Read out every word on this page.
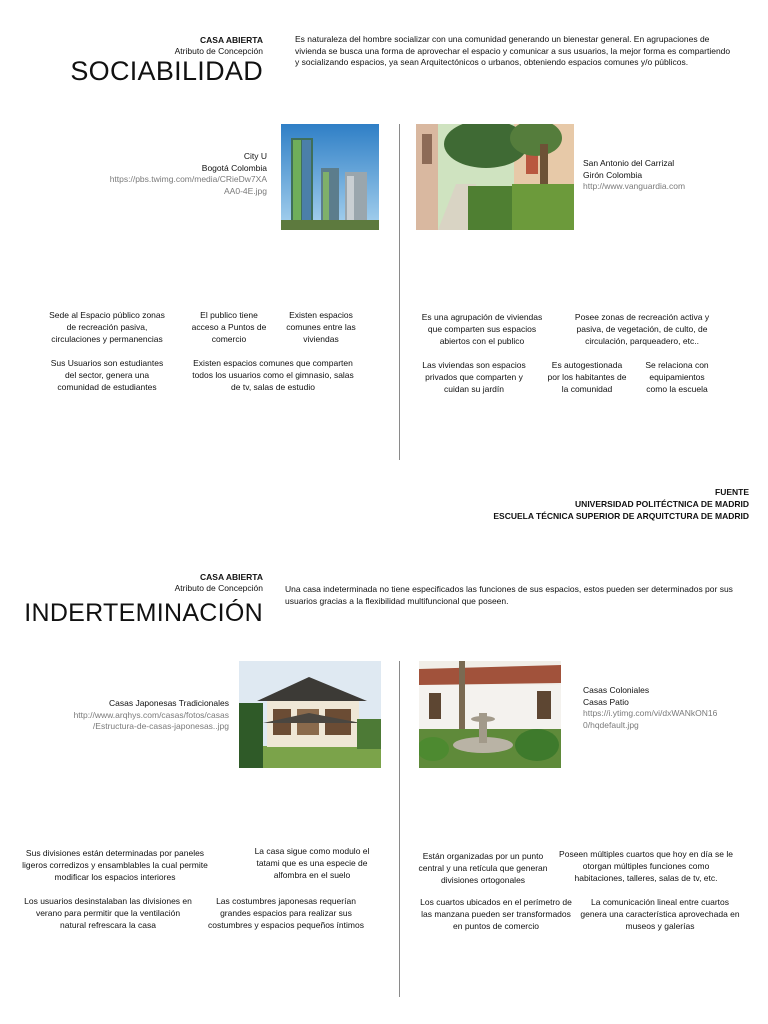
CASA ABIERTA
Atributo de Concepción
SOCIABILIDAD
Es naturaleza del hombre socializar con una comunidad generando un bienestar general. En agrupaciones de vivienda se busca una forma de aprovechar el espacio y comunicar a sus usuarios, la mejor forma es compartiendo y socializando espacios, ya sean Arquitectónicos o urbanos, obteniendo espacios comunes y/o públicos.
City U
Bogotá Colombia
https://pbs.twimg.com/media/CRieDw7XA
AA0-4E.jpg
San Antonio del Carrizal
Girón Colombia
http://www.vanguardia.com
Sede al Espacio público zonas de recreación pasiva, circulaciones y permanencias
El publico tiene acceso a Puntos de comercio
Existen espacios comunes entre las viviendas
Sus Usuarios son estudiantes del sector, genera una comunidad de estudiantes
Existen espacios comunes que comparten todos los usuarios como el gimnasio, salas de tv, salas de estudio
Es una agrupación de viviendas que comparten sus espacios abiertos con el publico
Posee zonas de recreación activa y pasiva, de vegetación, de culto, de circulación, parqueadero, etc..
Las viviendas son espacios privados que comparten y cuidan su jardín
Es autogestionada por los habitantes de la comunidad
Se relaciona con equipamientos como la escuela
FUENTE
UNIVERSIDAD POLITÉCTNICA DE MADRID
ESCUELA TÉCNICA SUPERIOR DE ARQUITCTURA DE MADRID
CASA ABIERTA
Atributo de Concepción
INDERTEMINACIÓN
Una casa indeterminada no tiene especificados las funciones de sus espacios, estos pueden ser determinados por sus usuarios gracias a la flexibilidad multifuncional que poseen.
Casas Japonesas Tradicionales
http://www.arqhys.com/casas/fotos/casas
/Estructura-de-casas-japonesas..jpg
Casas Coloniales
Casas Patio
https://i.ytimg.com/vi/dxWANkON16
0/hqdefault.jpg
Sus divisiones están determinadas por paneles ligeros corredizos y ensamblables la cual permite modificar los espacios interiores
La casa sigue como modulo el tatami que es una especie de alfombra en el suelo
Los usuarios desinstalaban las divisiones en verano para permitir que la ventilación natural refrescara la casa
Las costumbres japonesas requerían grandes espacios para realizar sus costumbres y espacios pequeños íntimos
Están organizadas por un punto central y una retícula que generan divisiones ortogonales
Poseen múltiples cuartos que hoy en día se le otorgan múltiples funciones como habitaciones, talleres, salas de tv, etc.
Los cuartos ubicados en el perímetro de las manzana pueden ser transformados en puntos de comercio
La comunicación lineal entre cuartos genera una característica aprovechada en museos y galerías
